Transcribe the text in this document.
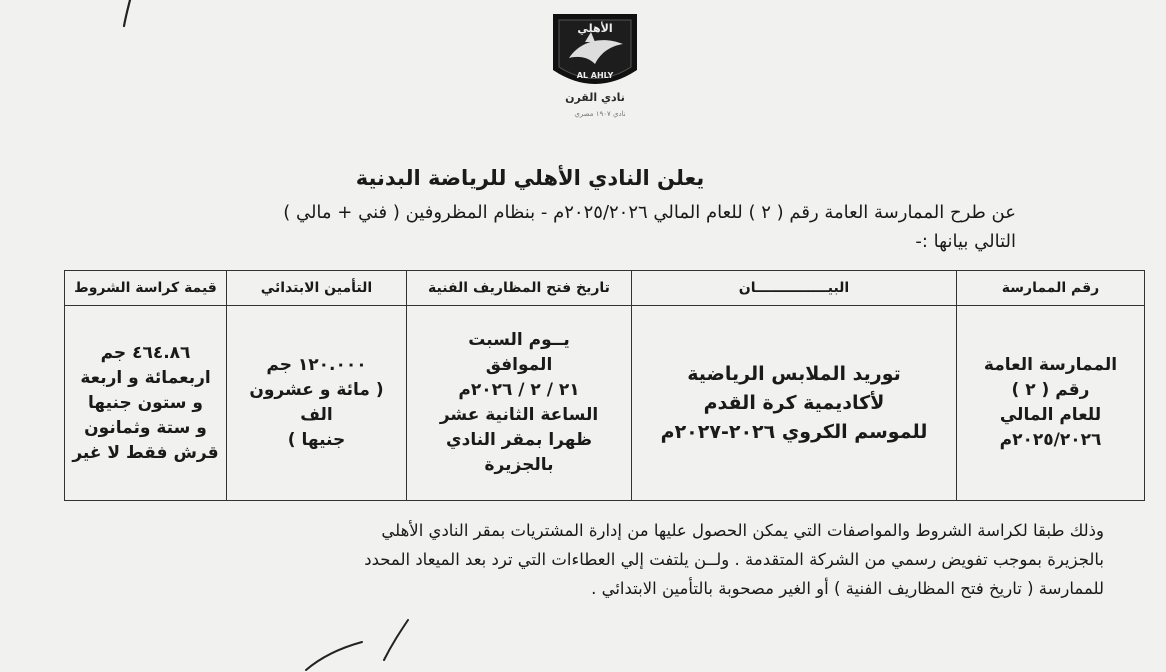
الأهلي
AL AHLY
نادي القرن
نادي ١٩٠٧ مصري
يعلن النادي الأهلي للرياضة البدنية
عن طرح الممارسة العامة رقم ( ٢ ) للعام المالي ٢٠٢٥/٢٠٢٦م - بنظام المظروفين ( فني + مالي )
التالي بيانها :-
رقم الممارسة	البيـــــــــــــــان	تاريخ فتح المظاريف الفنية	التأمين الابتدائي	قيمة كراسة الشروط

الممارسة العامة
رقم ( ٢ )
للعام المالي
٢٠٢٥/٢٠٢٦م	توريد الملابس الرياضية
لأكاديمية كرة القدم
للموسم الكروي ٢٠٢٦-٢٠٢٧م	يــوم السبت
الموافق
٢١ / ٢ / ٢٠٢٦م
الساعة الثانية عشر
ظهرا بمقر النادي بالجزيرة	١٢٠.٠٠٠ جم
( مائة و عشرون الف
جنيها )	٤٦٤.٨٦ جم
اربعمائة و اربعة
و ستون جنيها
و ستة وثمانون
قرش فقط لا غير
وذلك طبقا لكراسة الشروط والمواصفات التي يمكن الحصول عليها من إدارة المشتريات بمقر النادي الأهلي
بالجزيرة بموجب تفويض رسمي من الشركة المتقدمة . ولــن يلتفت إلي العطاءات التي ترد بعد الميعاد المحدد
للممارسة ( تاريخ فتح المظاريف الفنية ) أو الغير مصحوبة بالتأمين الابتدائي .
